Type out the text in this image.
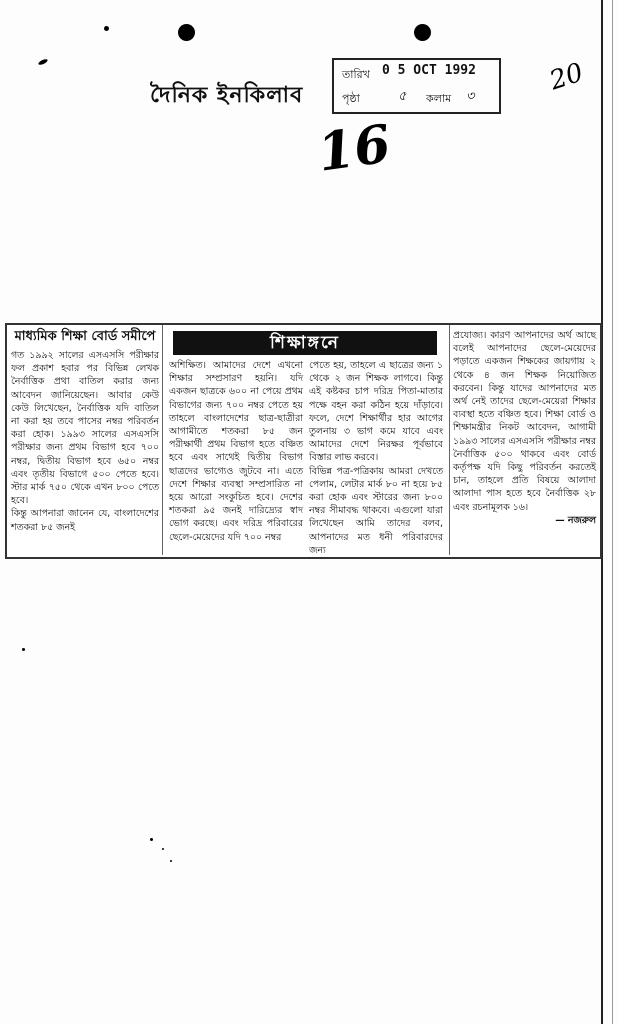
দৈনিক ইনকিলাব
তারিখ 0 5 OCT 1992
পৃষ্ঠা	৫ কলাম ৩
20
16
মাধ্যমিক শিক্ষা বোর্ড সমীপে
গত ১৯৯২ সালের এসএসসি পরীক্ষার ফল প্রকাশ হবার পর বিভিন্ন লেখক নৈর্বাত্তিক প্রথা বাতিল করার জন্য আবেদন জানিয়েছেন। আবার কেউ কেউ লিখেছেন, নৈর্বাত্তিক যদি বাতিল না করা হয় তবে পাসের নম্বর পরিবর্তন করা হোক। ১৯৯৩ সালের এসএসসি পরীক্ষার জন্য প্রথম বিভাগ হবে ৭০০ নম্বর, দ্বিতীয় বিভাগ হবে ৬৫০ নম্বর এবং তৃতীয় বিভাগে ৫০০ পেতে হবে। স্টার মার্ক ৭৫০ থেকে এখন ৮০০ পেতে হবে।
কিন্তু আপনারা জানেন যে, বাংলাদেশের শতকরা ৮৫ জনই
শিক্ষাঙ্গনে
অশিক্ষিত। আমাদের দেশে এখনো শিক্ষার সম্প্রসারণ হয়নি। যদি একজন ছাত্রকে ৬০০ না পেয়ে প্রথম বিভাগের জন্য ৭০০ নম্বর পেতে হয় তাহলে বাংলাদেশের ছাত্র-ছাত্রীরা আগামীতে শতকরা ৮৫ জন পরীক্ষার্থী প্রথম বিভাগ হতে বঞ্চিত হবে এবং সাথেই দ্বিতীয় বিভাগ ছাত্রদের ভাগ্যেও জুটবে না। এতে দেশে শিক্ষার ব্যবস্থা সম্প্রসারিত না হয়ে আরো সংকুচিত হবে। দেশের শতকরা ৯৫ জনই দারিদ্র্যের স্বাদ ভোগ করছে। এবং দরিদ্র পরিবারের ছেলে-মেয়েদের যদি ৭০০ নম্বর
পেতে হয়, তাহলে এ ছাত্রের জন্য ১ থেকে ২ জন শিক্ষক লাগবে। কিন্তু এই কষ্টকর চাপ দরিদ্র পিতা-মাতার পক্ষে বহন করা কঠিন হয়ে দাঁড়াবে। ফলে, দেশে শিক্ষার্থীর হার আগের তুলনায় ৩ ভাগ কমে যাবে এবং আমাদের দেশে নিরক্ষর পূর্বভাবে বিস্তার লাভ করবে।
বিভিন্ন পত্র-পত্রিকায় আমরা দেখতে পেলাম, লেটার মার্ক ৮০ না হয়ে ৮৫ করা হোক এবং স্টারের জন্য ৮০০ নম্বর সীমাবদ্ধ থাকবে। এগুলো যারা লিখেছেন আমি তাদের বলব, আপনাদের মত ধনী পরিবারদের জন্য
প্রযোজ্য। কারণ আপনাদের অর্থ আছে বলেই আপনাদের ছেলে-মেয়েদের পড়াতে একজন শিক্ষকের জায়গায় ২ থেকে ৪ জন শিক্ষক নিয়োজিত করবেন। কিন্তু যাদের আপনাদের মত অর্থ নেই তাদের ছেলে-মেয়েরা শিক্ষার ব্যবস্থা হতে বঞ্চিত হবে। শিক্ষা বোর্ড ও শিক্ষামন্ত্রীর নিকট আবেদন, আগামী ১৯৯৩ সালের এসএসসি পরীক্ষার নম্বর নৈর্বাত্তিক ৫০০ থাকবে এবং বোর্ড কর্তৃপক্ষ যদি কিছু পরিবর্তন করতেই চান, তাহলে প্রতি বিষয়ে আলাদা আলাদা পাস হতে হবে নৈর্বাত্তিক ২৮ এবং রচনামূলক ১৬।
— নজরুল
